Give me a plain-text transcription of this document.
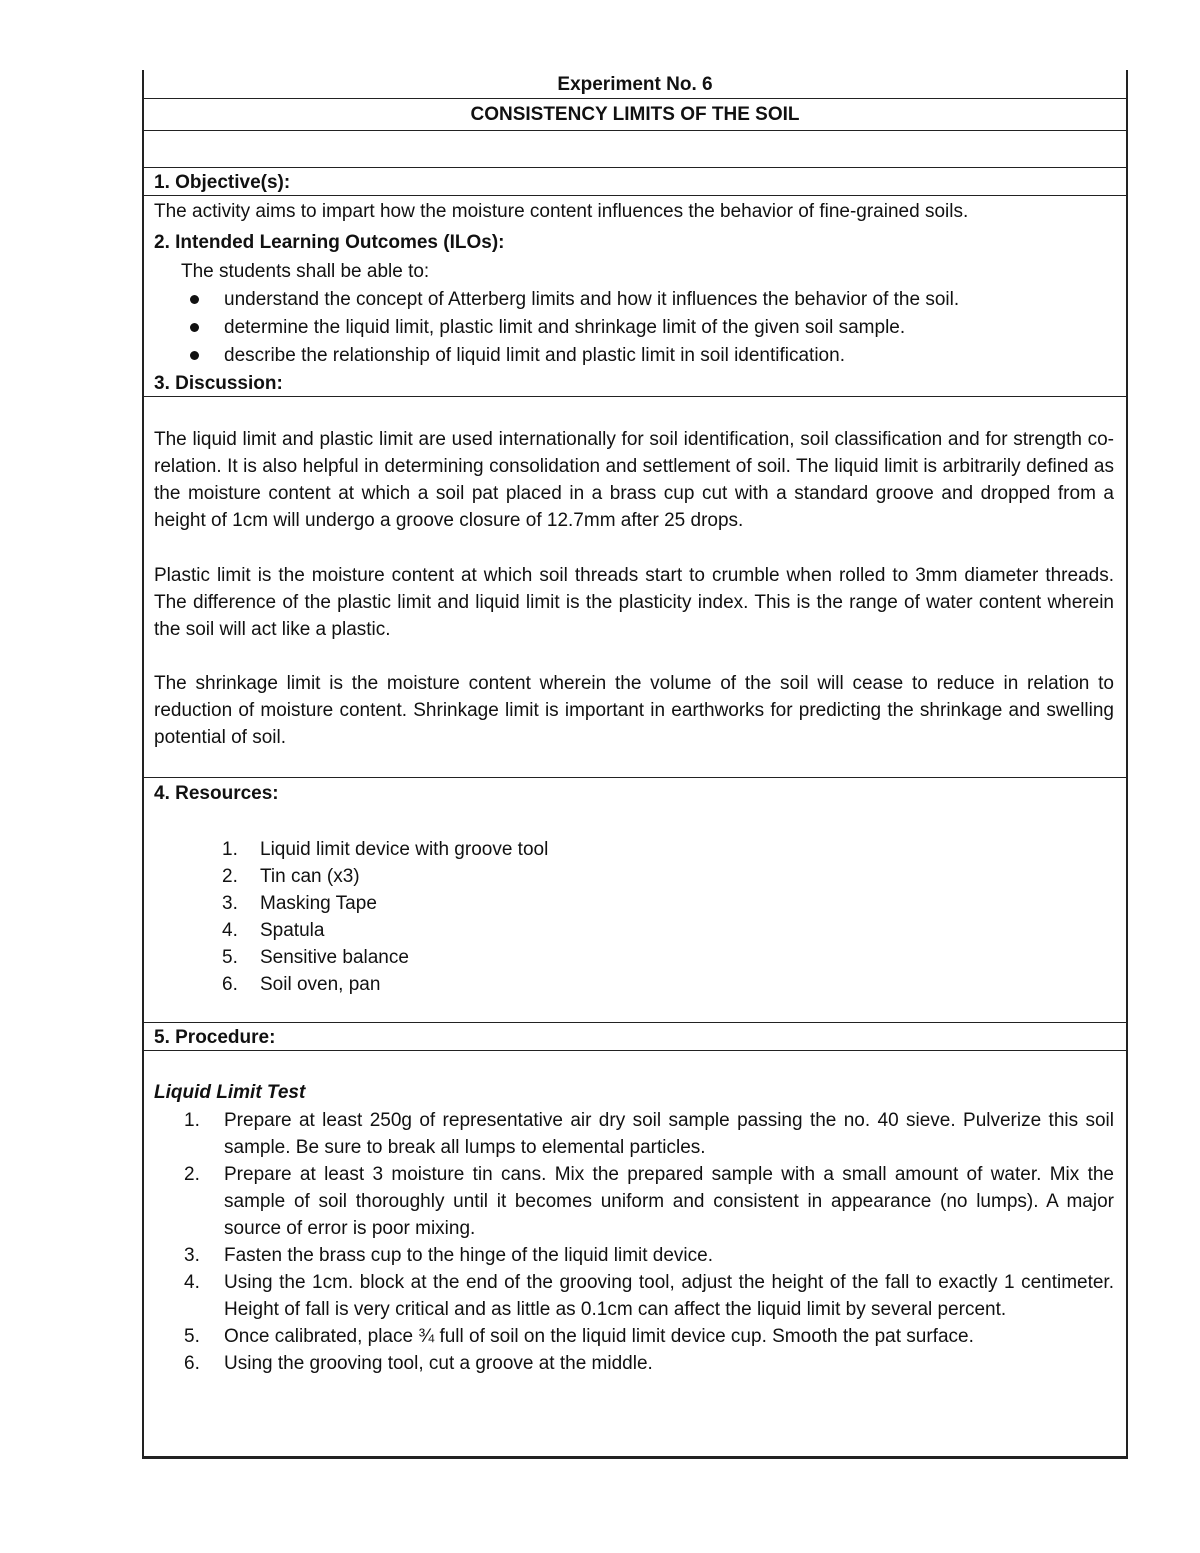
Experiment No. 6
CONSISTENCY LIMITS OF THE SOIL
1. Objective(s):
The activity aims to impart how the moisture content influences the behavior of fine-grained soils.
2. Intended Learning Outcomes (ILOs):
The students shall be able to:
understand the concept of Atterberg limits and how it influences the behavior of the soil.
determine the liquid limit, plastic limit and shrinkage limit of the given soil sample.
describe the relationship of liquid limit and plastic limit in soil identification.
3. Discussion:

The liquid limit and plastic limit are used internationally for soil identification, soil classification and for strength co-relation. It is also helpful in determining consolidation and settlement of soil. The liquid limit is arbitrarily defined as the moisture content at which a soil pat placed in a brass cup cut with a standard groove and dropped from a height of 1cm will undergo a groove closure of 12.7mm after 25 drops.

Plastic limit is the moisture content at which soil threads start to crumble when rolled to 3mm diameter threads. The difference of the plastic limit and liquid limit is the plasticity index. This is the range of water content wherein the soil will act like a plastic.

The shrinkage limit is the moisture content wherein the volume of the soil will cease to reduce in relation to reduction of moisture content. Shrinkage limit is important in earthworks for predicting the shrinkage and swelling potential of soil.

4. Resources:
1. Liquid limit device with groove tool
2. Tin can (x3)
3. Masking Tape
4. Spatula
5. Sensitive balance
6. Soil oven, pan
5. Procedure:
Liquid Limit Test
1. Prepare at least 250g of representative air dry soil sample passing the no. 40 sieve. Pulverize this soil sample. Be sure to break all lumps to elemental particles.
2. Prepare at least 3 moisture tin cans. Mix the prepared sample with a small amount of water. Mix the sample of soil thoroughly until it becomes uniform and consistent in appearance (no lumps). A major source of error is poor mixing.
3. Fasten the brass cup to the hinge of the liquid limit device.
4. Using the 1cm. block at the end of the grooving tool, adjust the height of the fall to exactly 1 centimeter. Height of fall is very critical and as little as 0.1cm can affect the liquid limit by several percent.
5. Once calibrated, place ¾ full of soil on the liquid limit device cup. Smooth the pat surface.
6. Using the grooving tool, cut a groove at the middle.
